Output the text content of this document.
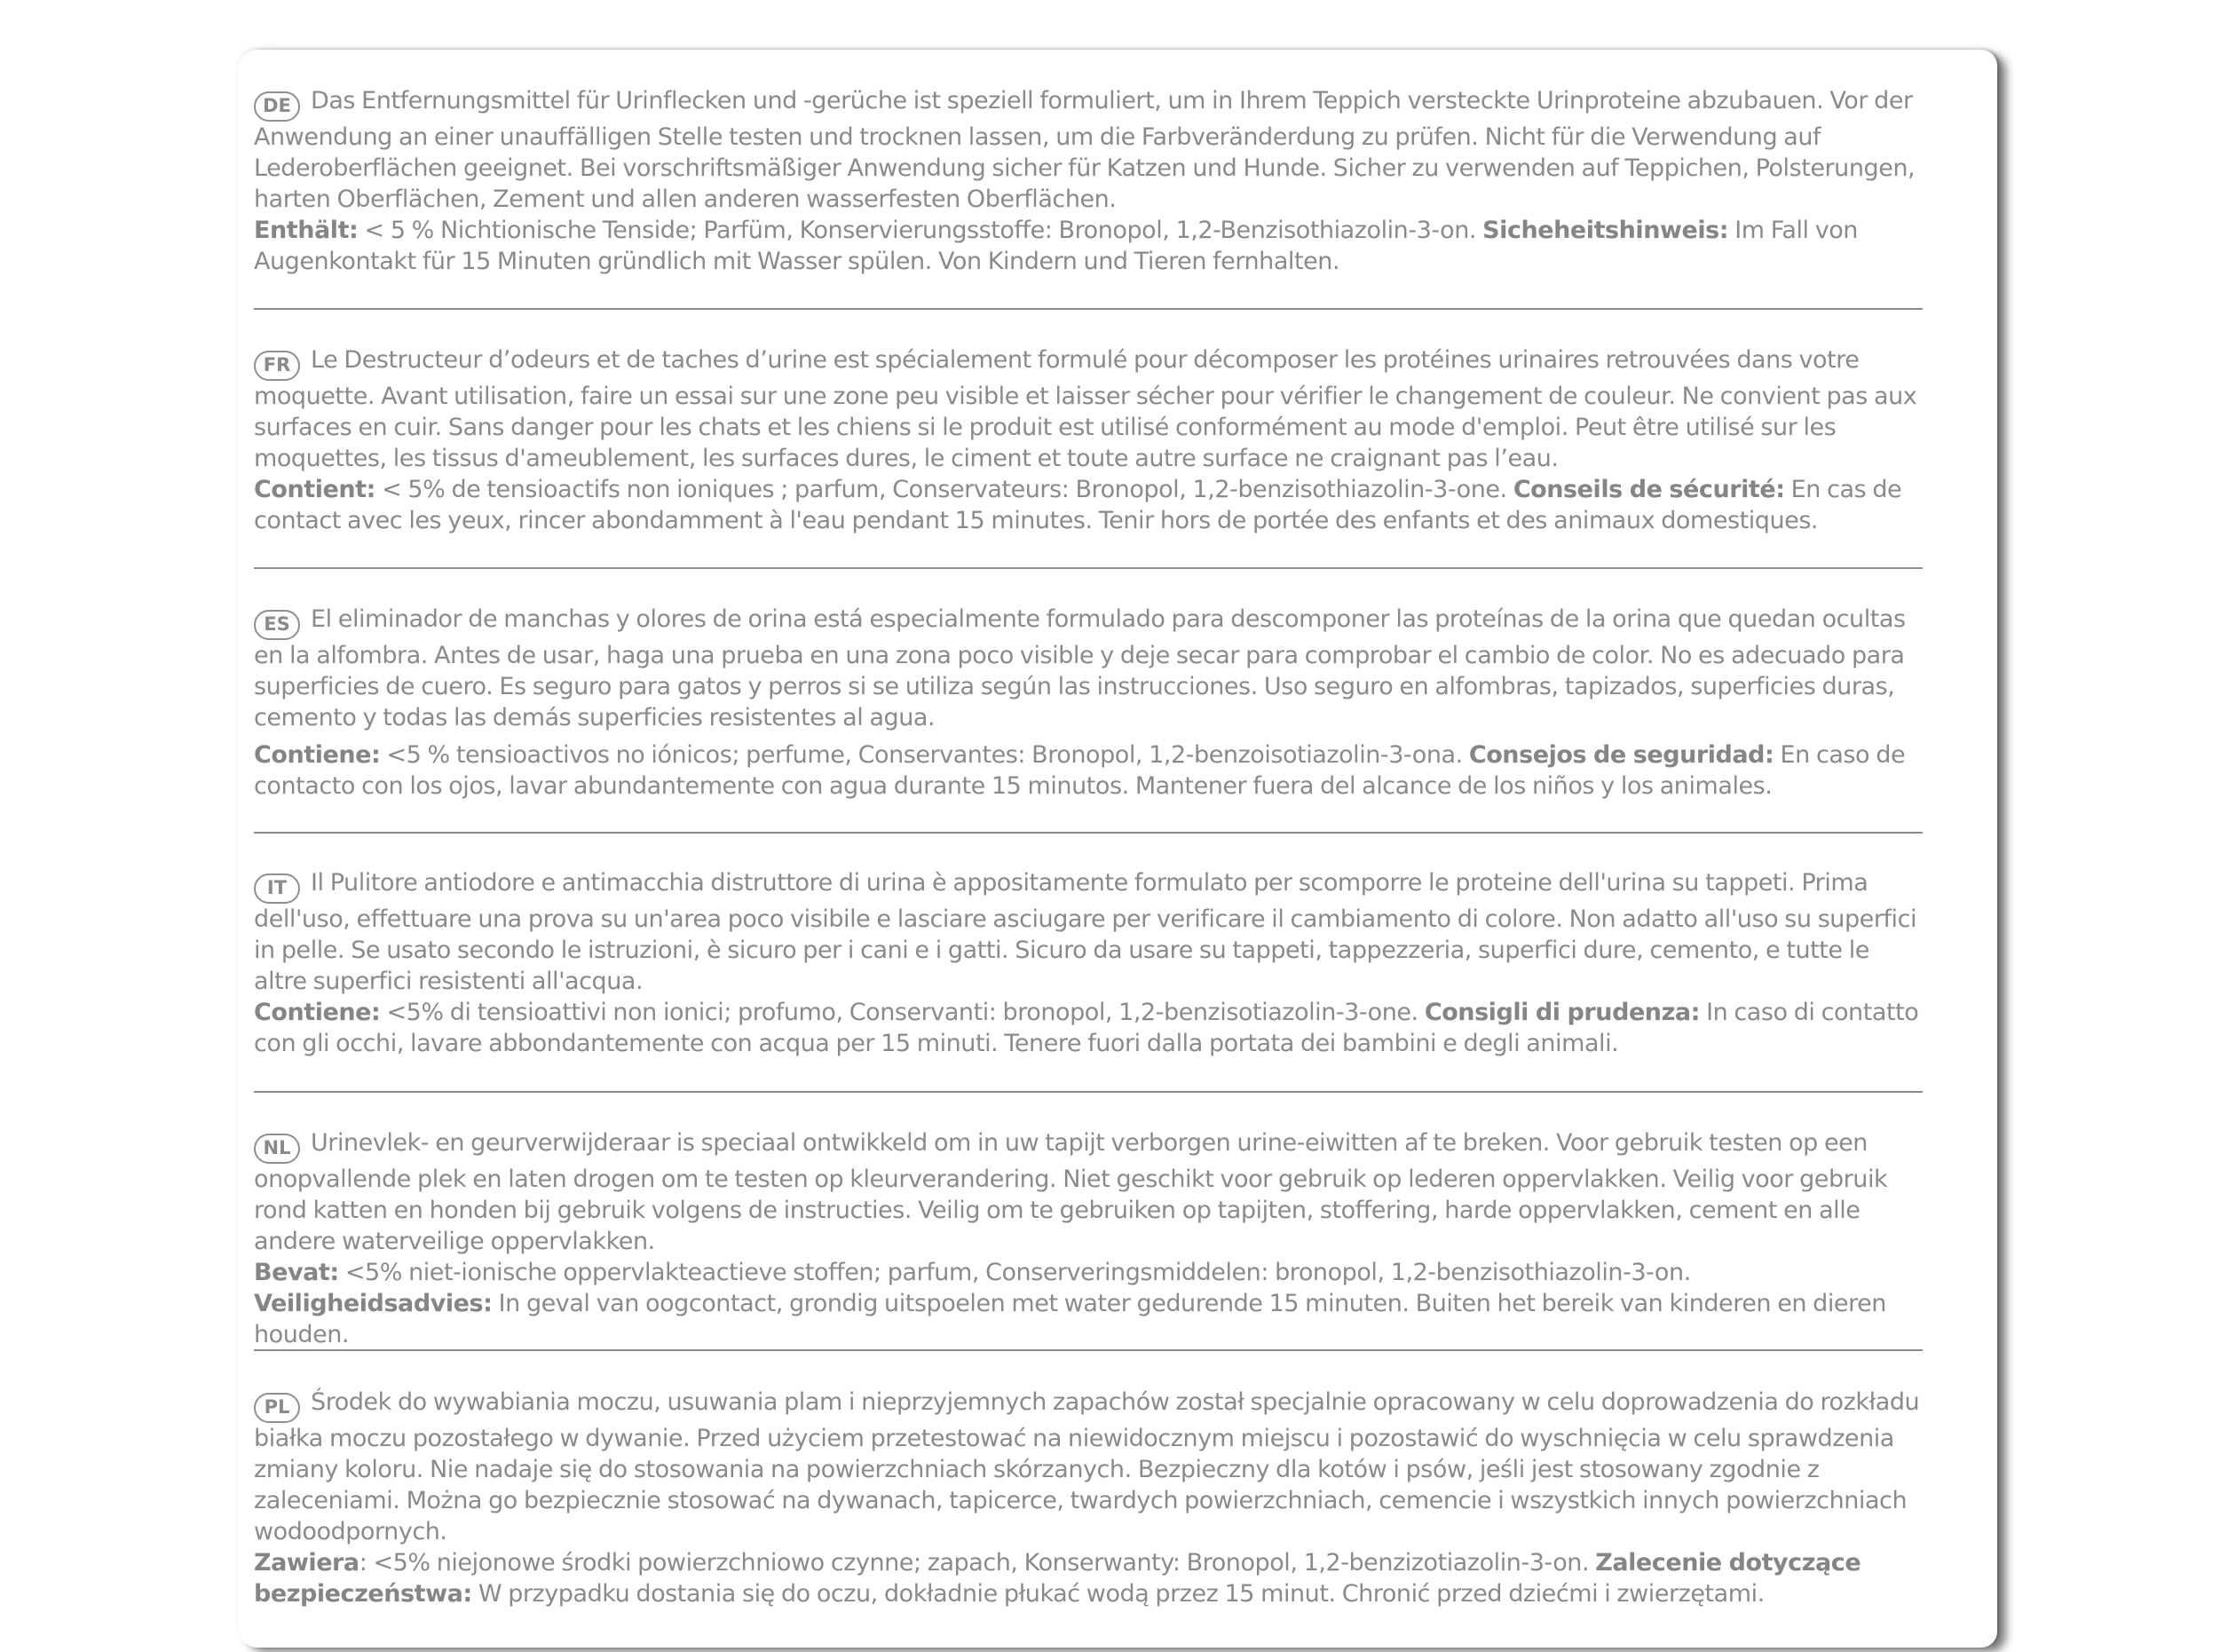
DE Das Entfernungsmittel für Urinflecken und -gerüche ist speziell formuliert, um in Ihrem Teppich versteckte Urinproteine abzubauen. Vor der Anwendung an einer unauffälligen Stelle testen und trocknen lassen, um die Farbveränderdung zu prüfen. Nicht für die Verwendung auf Lederoberflächen geeignet. Bei vorschriftsmäßiger Anwendung sicher für Katzen und Hunde. Sicher zu verwenden auf Teppichen, Polsterungen, harten Oberflächen, Zement und allen anderen wasserfesten Oberflächen.

Enthält: < 5 % Nichtionische Tenside; Parfüm, Konservierungsstoffe: Bronopol, 1,2-Benzisothiazolin-3-on. Sicheheitshinweis: Im Fall von Augenkontakt für 15 Minuten gründlich mit Wasser spülen. Von Kindern und Tieren fernhalten.

FR Le Destructeur d’odeurs et de taches d’urine est spécialement formulé pour décomposer les protéines urinaires retrouvées dans votre moquette. Avant utilisation, faire un essai sur une zone peu visible et laisser sécher pour vérifier le changement de couleur. Ne convient pas aux surfaces en cuir. Sans danger pour les chats et les chiens si le produit est utilisé conformément au mode d'emploi. Peut être utilisé sur les moquettes, les tissus d'ameublement, les surfaces dures, le ciment et toute autre surface ne craignant pas l’eau.

Contient: < 5% de tensioactifs non ioniques ; parfum, Conservateurs: Bronopol, 1,2-benzisothiazolin-3-one. Conseils de sécurité: En cas de contact avec les yeux, rincer abondamment à l'eau pendant 15 minutes. Tenir hors de portée des enfants et des animaux domestiques.

ES El eliminador de manchas y olores de orina está especialmente formulado para descomponer las proteínas de la orina que quedan ocultas en la alfombra. Antes de usar, haga una prueba en una zona poco visible y deje secar para comprobar el cambio de color. No es adecuado para superficies de cuero. Es seguro para gatos y perros si se utiliza según las instrucciones. Uso seguro en alfombras, tapizados, superficies duras, cemento y todas las demás superficies resistentes al agua.

Contiene: <5 % tensioactivos no iónicos; perfume, Conservantes: Bronopol, 1,2-benzoisotiazolin-3-ona. Consejos de seguridad: En caso de contacto con los ojos, lavar abundantemente con agua durante 15 minutos. Mantener fuera del alcance de los niños y los animales.

IT Il Pulitore antiodore e antimacchia distruttore di urina è appositamente formulato per scomporre le proteine dell'urina su tappeti. Prima dell'uso, effettuare una prova su un'area poco visibile e lasciare asciugare per verificare il cambiamento di colore. Non adatto all'uso su superfici in pelle. Se usato secondo le istruzioni, è sicuro per i cani e i gatti. Sicuro da usare su tappeti, tappezzeria, superfici dure, cemento, e tutte le altre superfici resistenti all'acqua.

Contiene: <5% di tensioattivi non ionici; profumo, Conservanti: bronopol, 1,2-benzisotiazolin-3-one. Consigli di prudenza: In caso di contatto con gli occhi, lavare abbondantemente con acqua per 15 minuti. Tenere fuori dalla portata dei bambini e degli animali.

NL Urinevlek- en geurverwijderaar is speciaal ontwikkeld om in uw tapijt verborgen urine-eiwitten af te breken. Voor gebruik testen op een onopvallende plek en laten drogen om te testen op kleurverandering. Niet geschikt voor gebruik op lederen oppervlakken. Veilig voor gebruik rond katten en honden bij gebruik volgens de instructies. Veilig om te gebruiken op tapijten, stoffering, harde oppervlakken, cement en alle andere waterveilige oppervlakken.

Bevat: <5% niet-ionische oppervlakteactieve stoffen; parfum, Conserveringsmiddelen: bronopol, 1,2-benzisothiazolin-3-on. Veiligheidsadvies: In geval van oogcontact, grondig uitspoelen met water gedurende 15 minuten. Buiten het bereik van kinderen en dieren houden.

PL Środek do wywabiania moczu, usuwania plam i nieprzyjemnych zapachów został specjalnie opracowany w celu doprowadzenia do rozkładu białka moczu pozostałego w dywanie. Przed użyciem przetestować na niewidocznym miejscu i pozostawić do wyschnięcia w celu sprawdzenia zmiany koloru. Nie nadaje się do stosowania na powierzchniach skórzanych. Bezpieczny dla kotów i psów, jeśli jest stosowany zgodnie z zaleceniami. Można go bezpiecznie stosować na dywanach, tapicerce, twardych powierzchniach, cemencie i wszystkich innych powierzchniach wodoodpornych.

Zawiera: <5% niejonowe środki powierzchniowo czynne; zapach, Konserwanty: Bronopol, 1,2-benzizotiazolin-3-on. Zalecenie dotyczące bezpieczeństwa: W przypadku dostania się do oczu, dokładnie płukać wodą przez 15 minut. Chronić przed dziećmi i zwierzętami.
